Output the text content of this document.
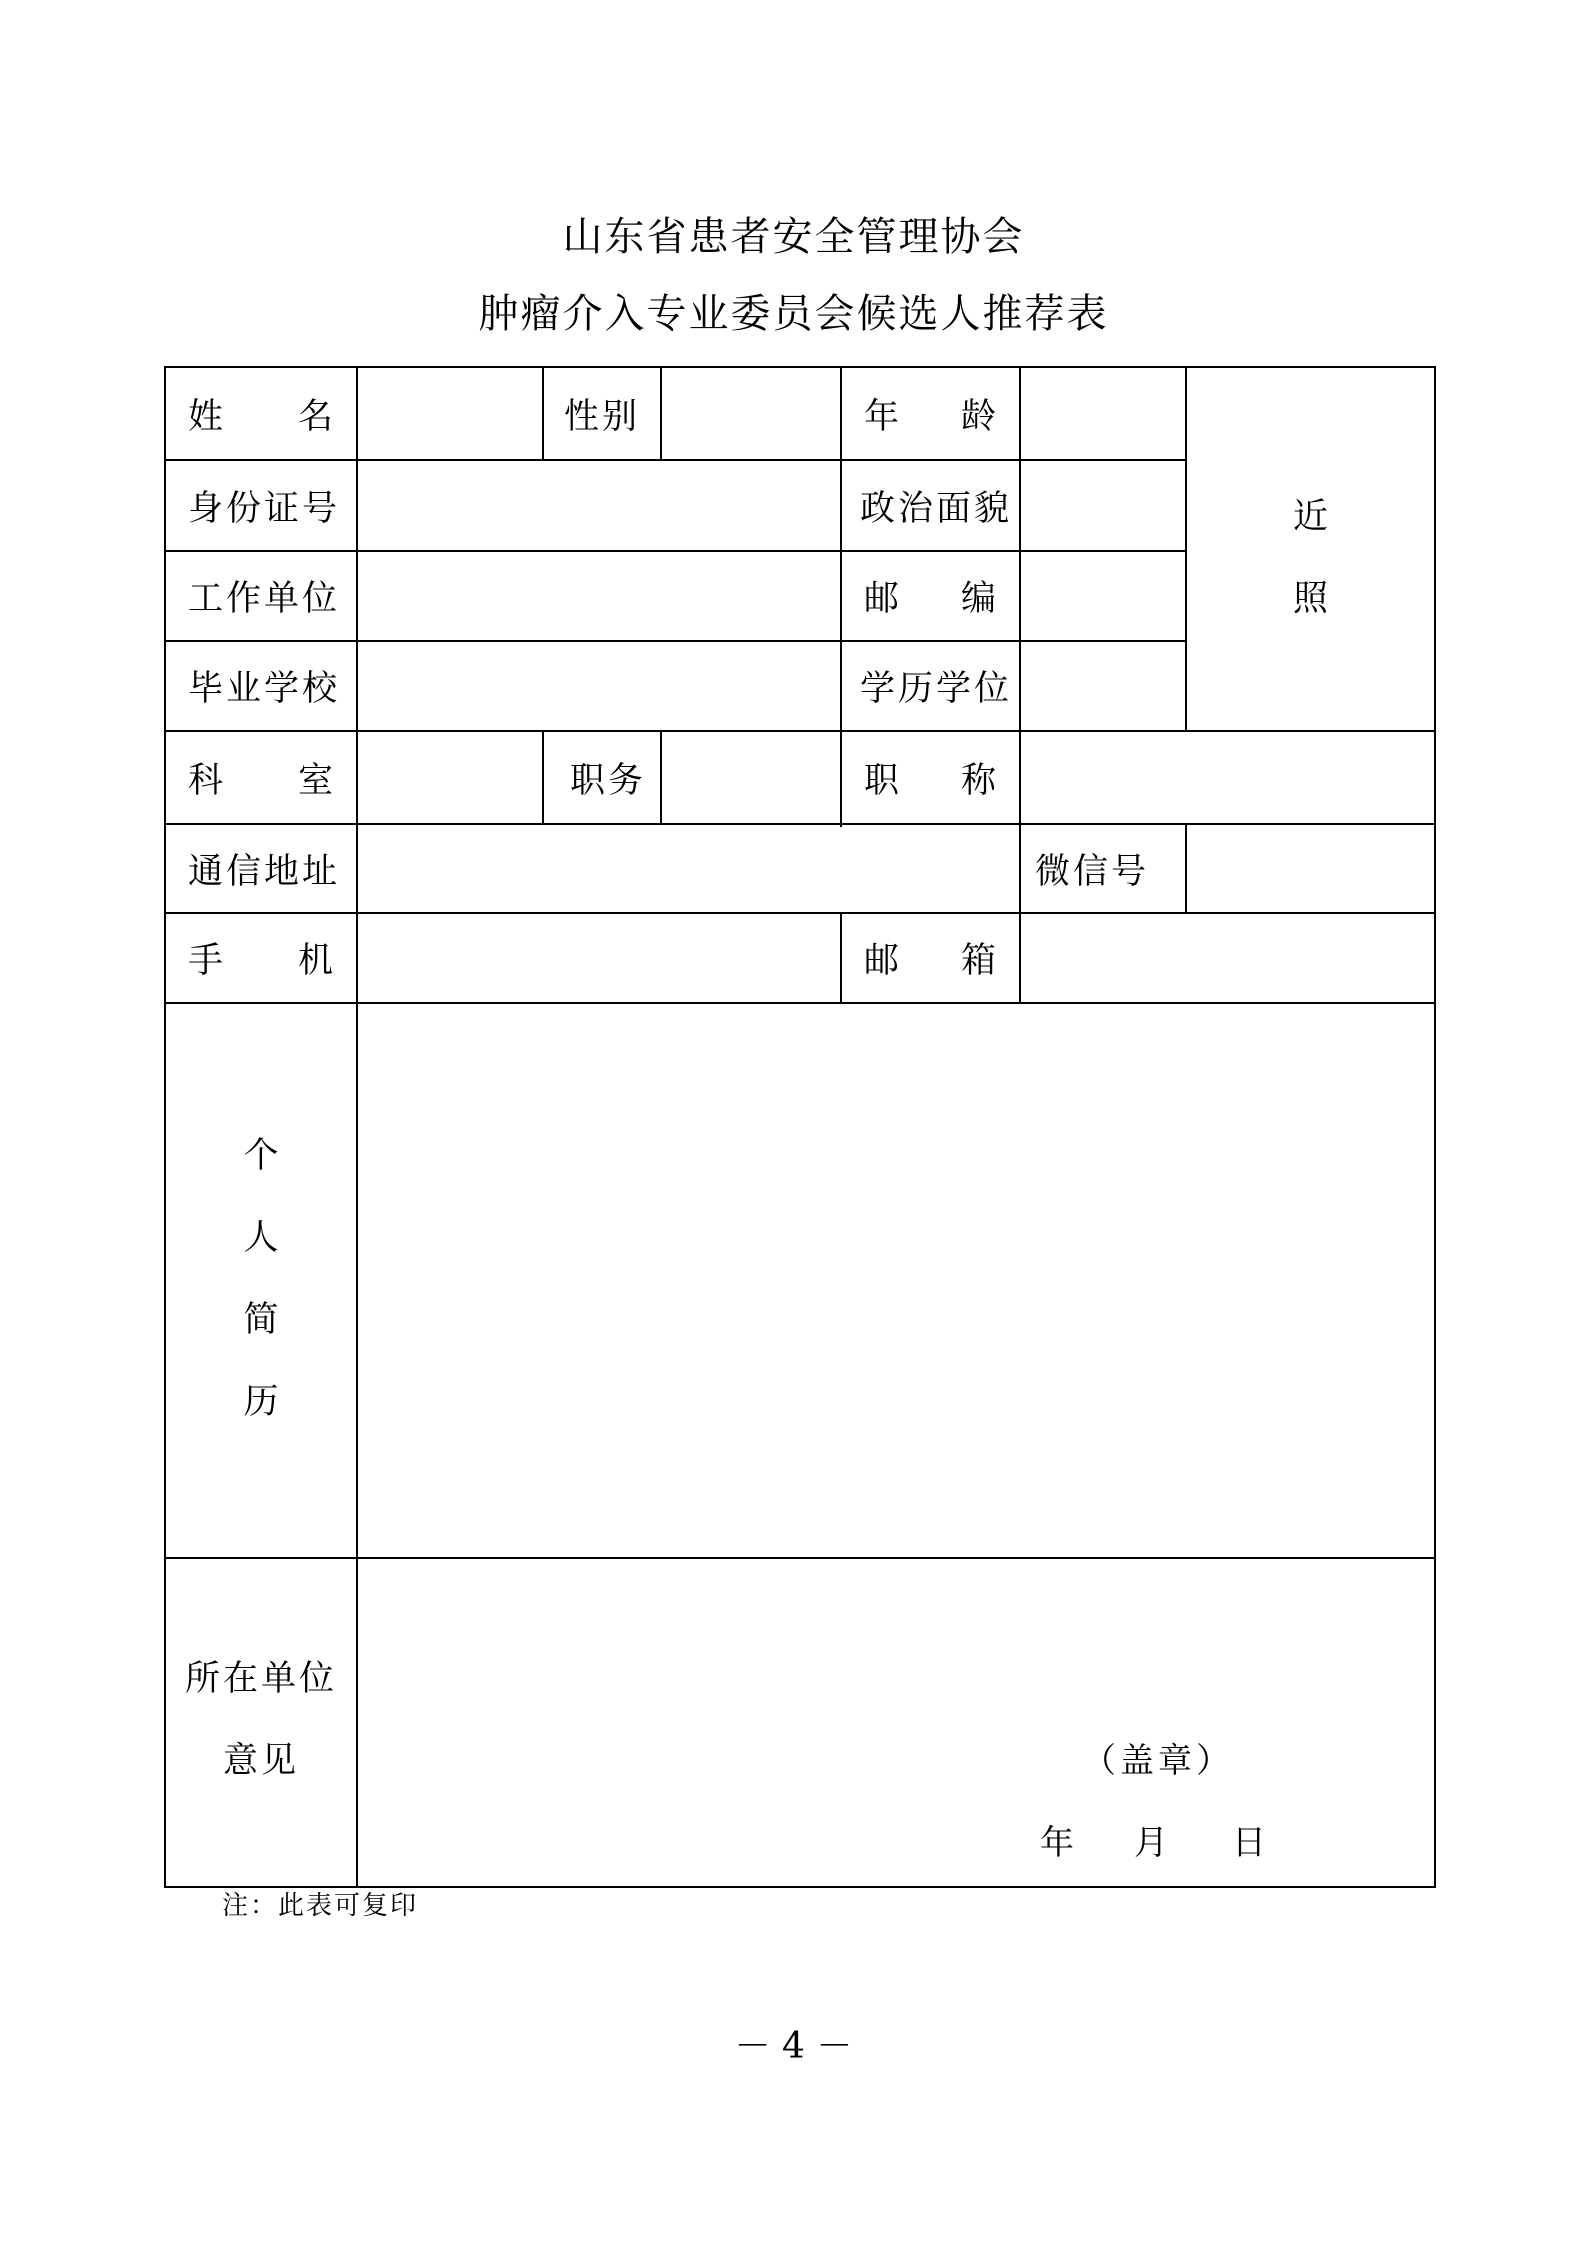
山东省患者安全管理协会
肿瘤介入专业委员会候选人推荐表
姓 名	性别	年 龄
近
照
身份证号	政治面貌
工作单位	邮 编
毕业学校	学历学位
科 室	职务	职 称
通信地址	微信号
手 机	邮 箱
个
人
简
历
所在单位
意见	（盖章）
年 月 日
注：此表可复印
－ 4 －
